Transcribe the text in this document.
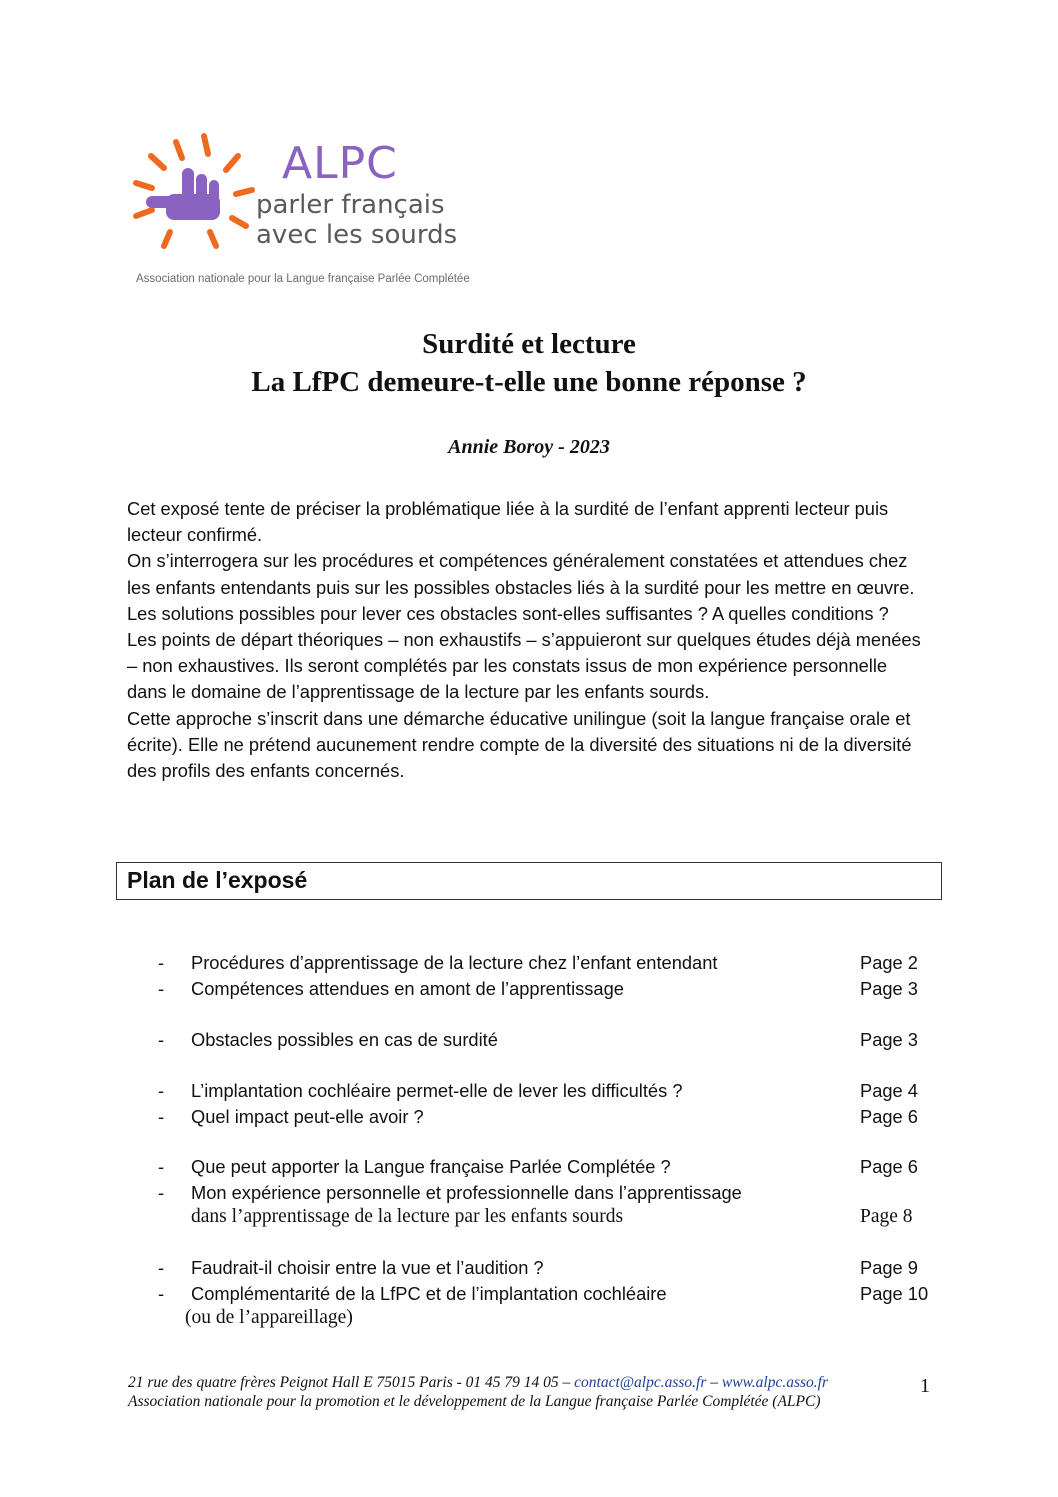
ALPC
parler français
avec les sourds
Association nationale pour la Langue française Parlée Complétée
Surdité et lecture
La LfPC demeure-t-elle une bonne réponse ?
Annie Boroy - 2023

Cet exposé tente de préciser la problématique liée à la surdité de l’enfant apprenti lecteur puis lecteur confirmé.

On s’interrogera sur les procédures et compétences généralement constatées et attendues chez les enfants entendants puis sur les possibles obstacles liés à la surdité pour les mettre en œuvre. Les solutions possibles pour lever ces obstacles sont-elles suffisantes ? A quelles conditions ?

Les points de départ théoriques – non exhaustifs – s’appuieront sur quelques études déjà menées – non exhaustives. Ils seront complétés par les constats issus de mon expérience personnelle dans le domaine de l’apprentissage de la lecture par les enfants sourds.

Cette approche s’inscrit dans une démarche éducative unilingue (soit la langue française orale et écrite). Elle ne prétend aucunement rendre compte de la diversité des situations ni de la diversité des profils des enfants concernés.

Plan de l’exposé
- Procédures d’apprentissage de la lecture chez l’enfant entendant	Page 2
- Compétences attendues en amont de l’apprentissage	Page 3
- Obstacles possibles en cas de surdité	Page 3
- L’implantation cochléaire permet-elle de lever les difficultés ?	Page 4
- Quel impact peut-elle avoir ?	Page 6
- Que peut apporter la Langue française Parlée Complétée ?	Page 6
- Mon expérience personnelle et professionnelle dans l’apprentissage
dans l’apprentissage de la lecture par les enfants sourds	Page 8
- Faudrait-il choisir entre la vue et l’audition ?	Page 9
- Complémentarité de la LfPC et de l’implantation cochléaire	Page 10
(ou de l’appareillage)
21 rue des quatre frères Peignot Hall E 75015 Paris - 01 45 79 14 05 – contact@alpc.asso.fr – www.alpc.asso.fr
Association nationale pour la promotion et le développement de la Langue française Parlée Complétée (ALPC)
1
